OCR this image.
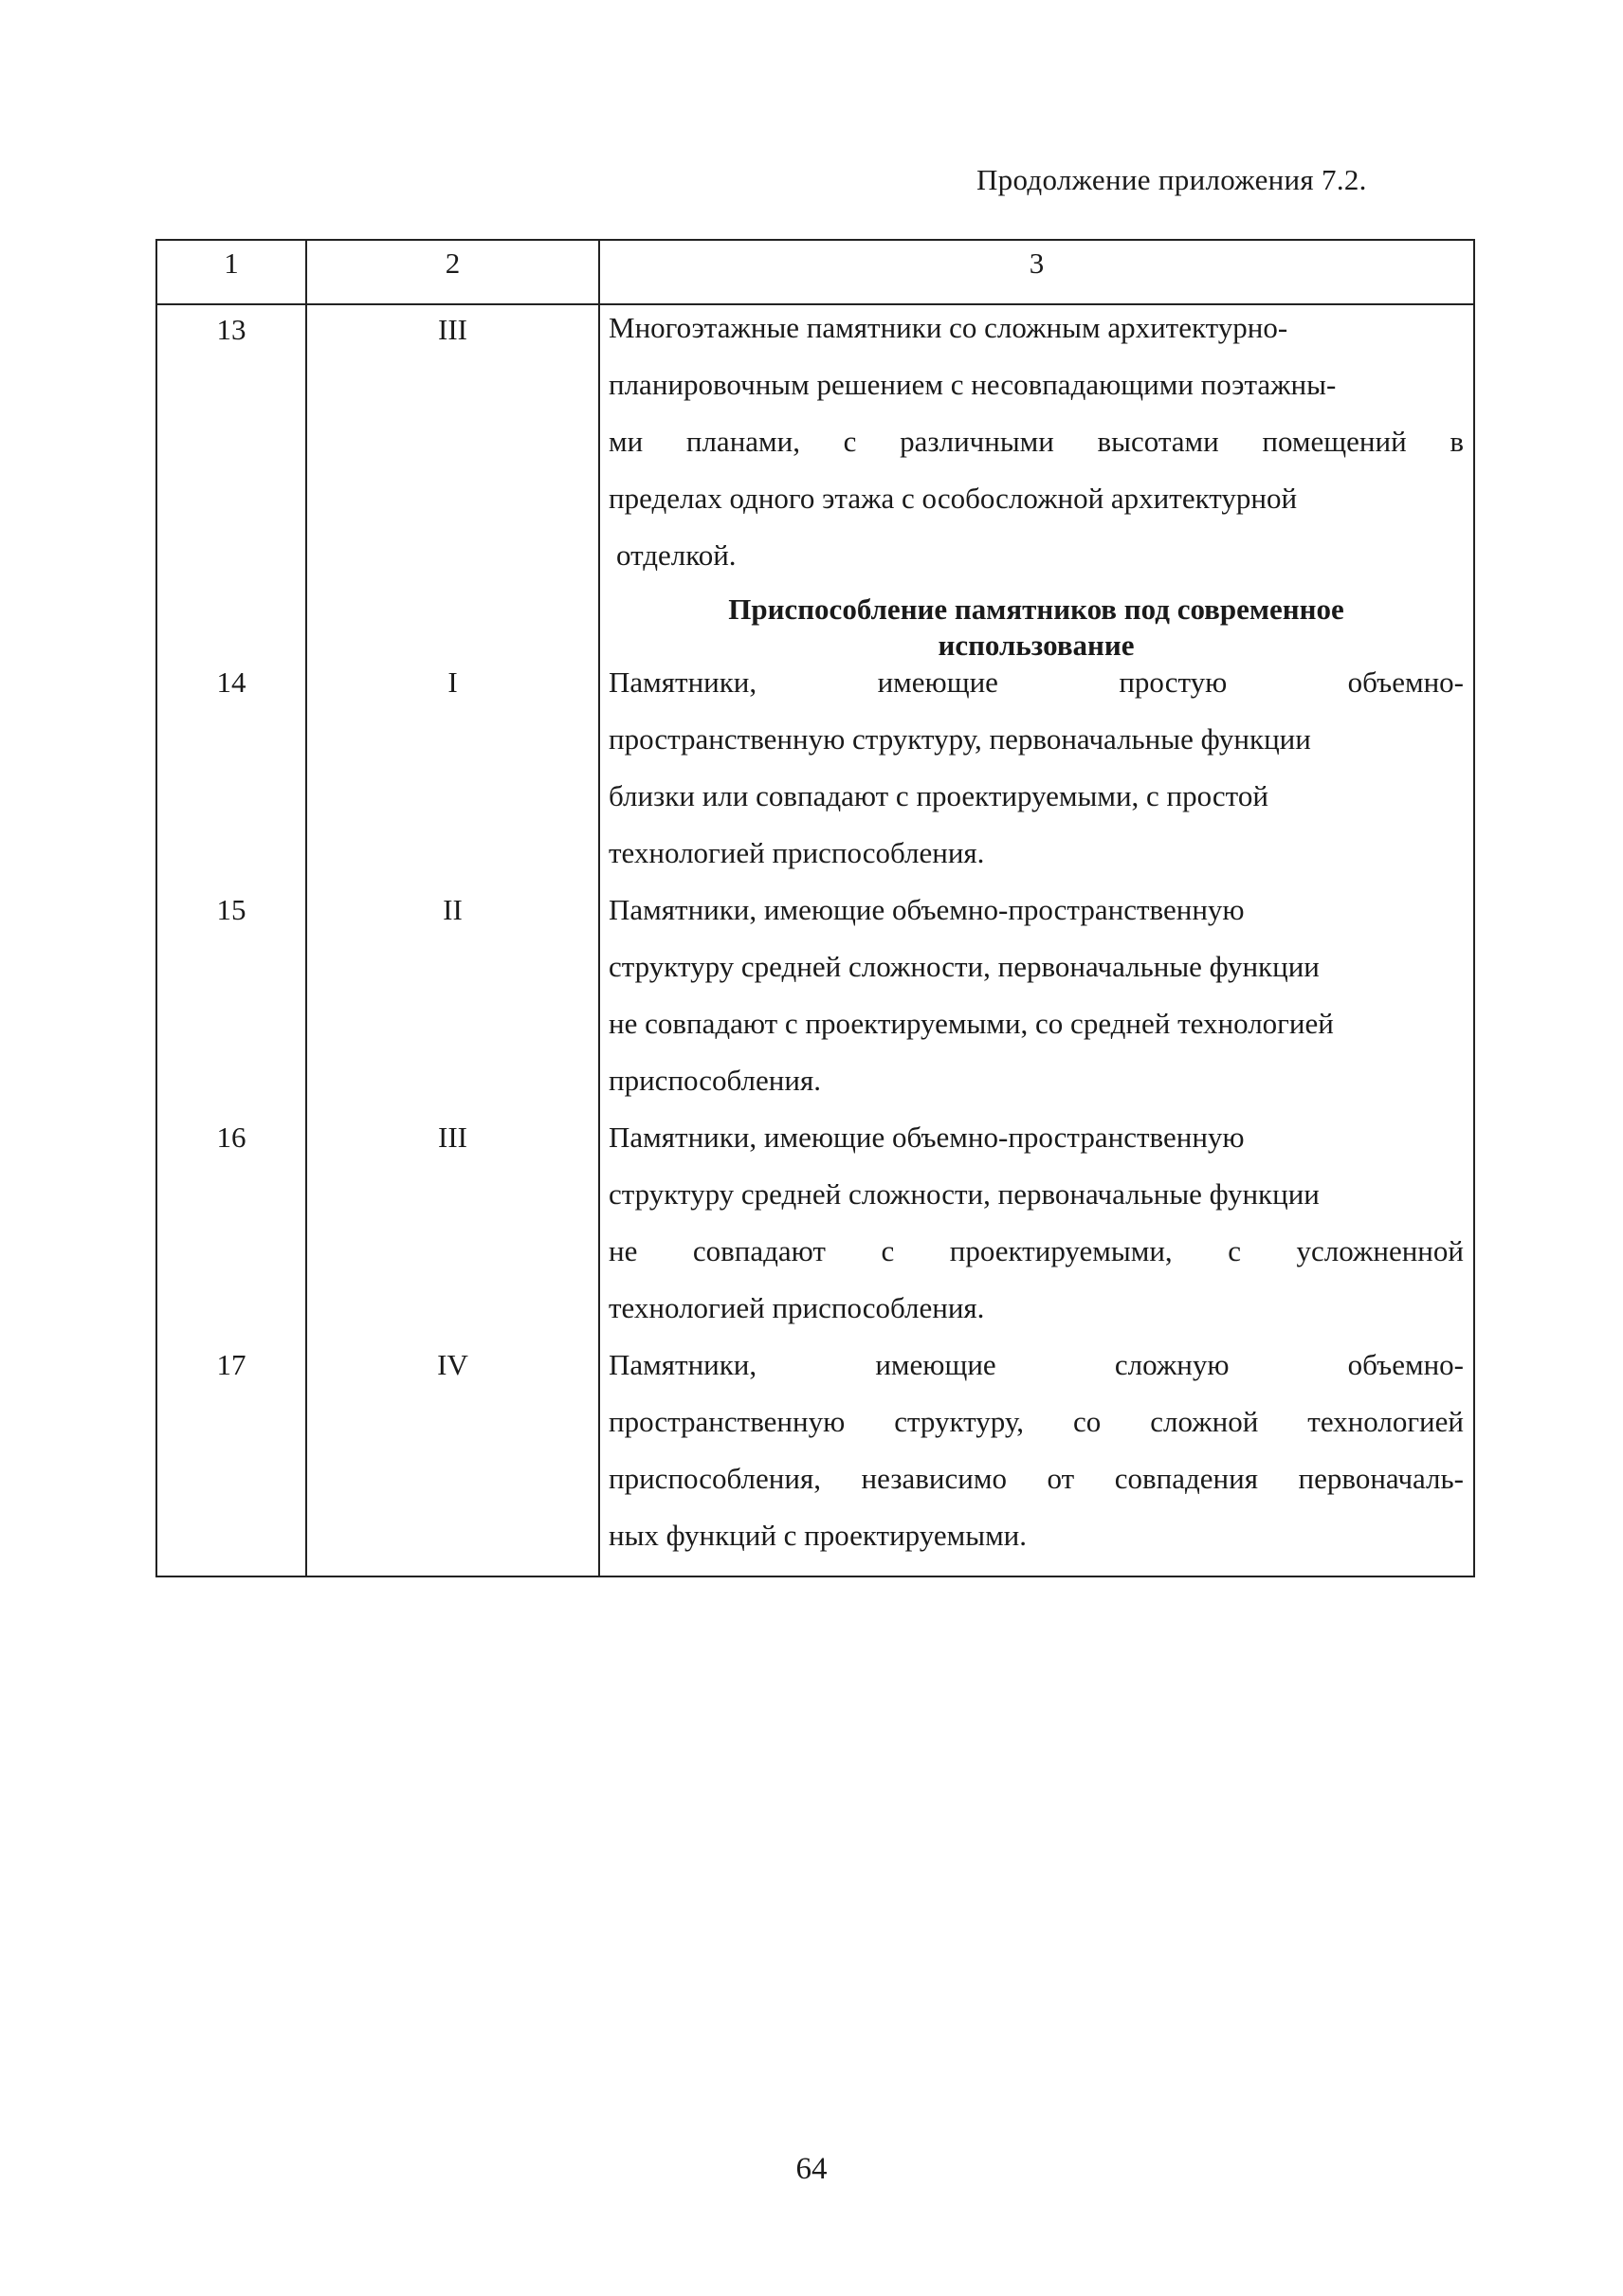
Продолжение приложения 7.2.
1	2	3
13	III	Многоэтажные памятники со сложным архитектурно-
планировочным решением с несовпадающими поэтажны-
ми планами, с различными высотами помещений в
пределах одного этажа с особосложной архитектурной
отделкой.
Приспособление памятников под современное
использование
14	I	Памятники, имеющие простую объемно-
пространственную структуру, первоначальные функции
близки или совпадают с проектируемыми, с простой
технологией приспособления.
15	II	Памятники, имеющие объемно-пространственную
структуру средней сложности, первоначальные функции
не совпадают с проектируемыми, со средней технологией
приспособления.
16	III	Памятники, имеющие объемно-пространственную
структуру средней сложности, первоначальные функции
не совпадают с проектируемыми, с усложненной
технологией приспособления.
17	IV	Памятники, имеющие сложную объемно-
пространственную структуру, со сложной технологией
приспособления, независимо от совпадения первоначаль-
ных функций с проектируемыми.
64
